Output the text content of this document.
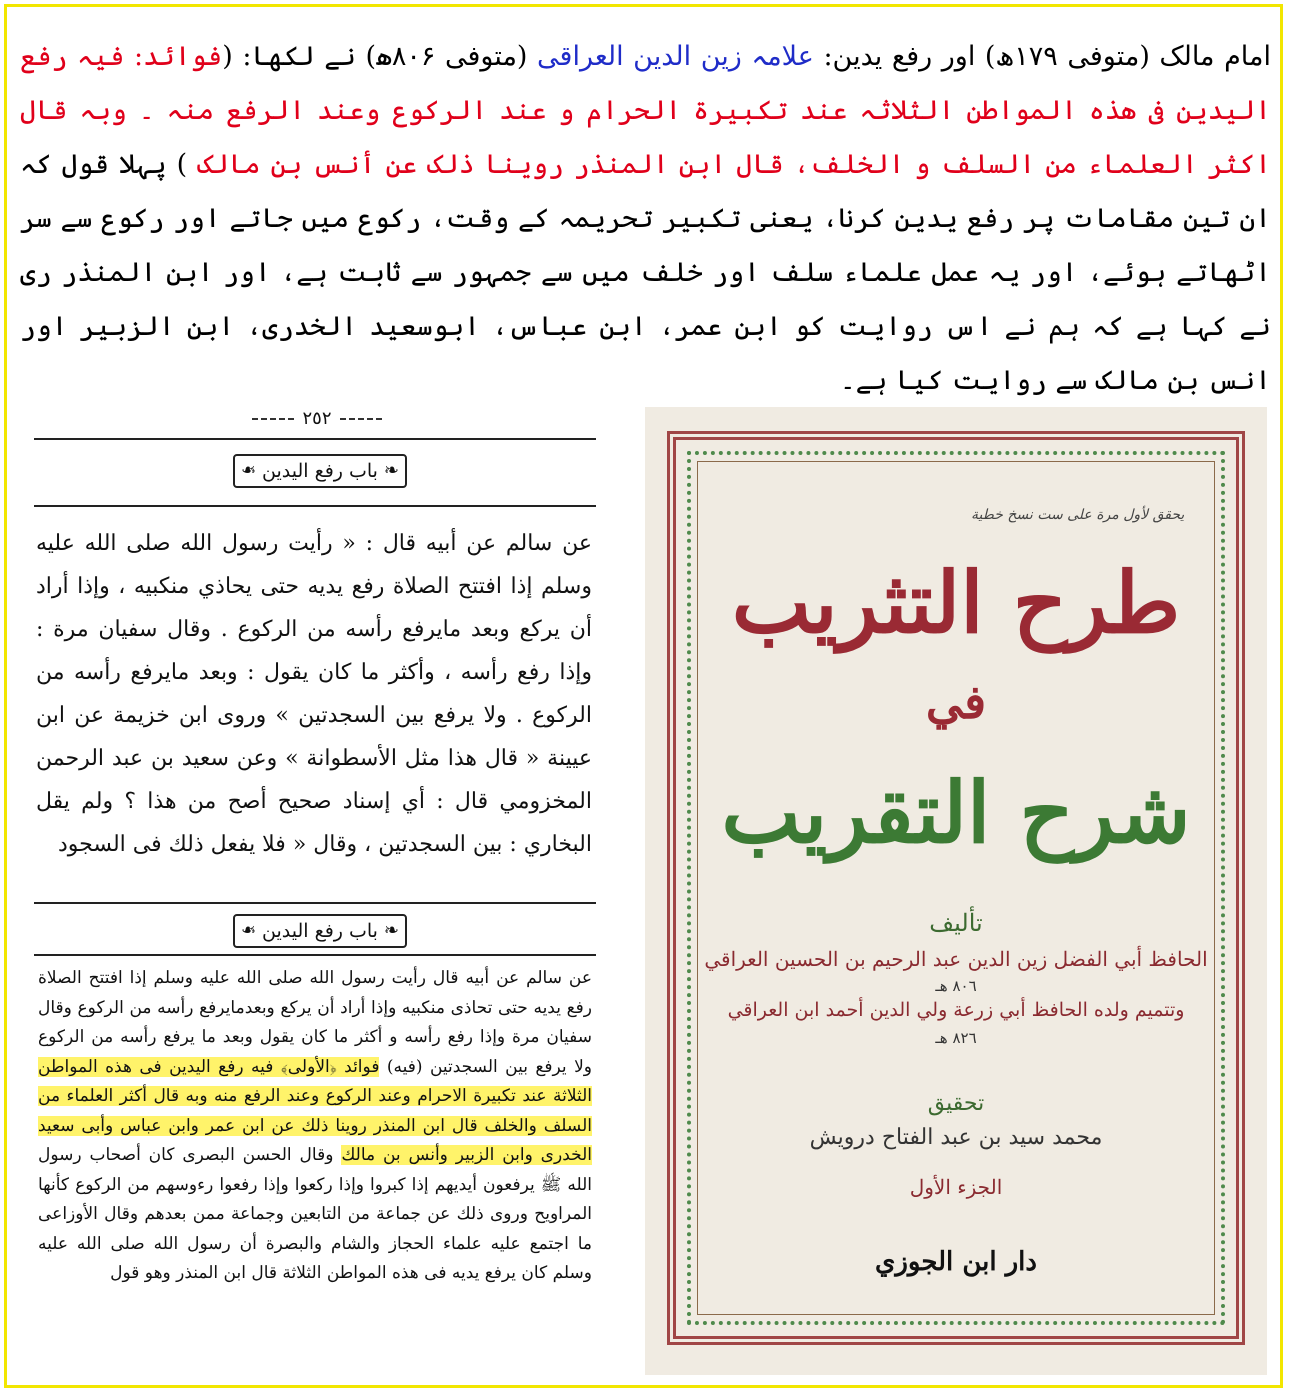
امام مالک (متوفی ۱۷۹ھ) اور رفع یدین: علامہ زین الدین العراقی (متوفی ۸۰۶ھ) نے لکھا: (فوائد: فیہ رفع الیدین فی ھذہ المواطن الثلاثہ عند تکبیرۃ الحرام و عند الرکوع وعند الرفع منہ ۔ وبہ قال اکثر العلماء من السلف و الخلف، قال ابن المنذر روینا ذلک عن أنس بن مالک ) پہلا قول کہ ان تین مقامات پر رفع یدین کرنا، یعنی تکبیر تحریمہ کے وقت، رکوع میں جاتے اور رکوع سے سر اٹھاتے ہوئے، اور یہ عمل علماء سلف اور خلف میں سے جمہور سے ثابت ہے، اور ابن المنذر ری نے کہا ہے کہ ہم نے اس روایت کو ابن عمر، ابن عباس، ابوسعید الخدری، ابن الزبیر اور انس بن مالک سے روایت کیا ہے۔
٢٥٢
❧ باب رفع اليدين ❧
عن سالم عن أبيه قال : « رأيت رسول الله صلى الله عليه وسلم إذا افتتح الصلاة رفع يديه حتى يحاذي منكبيه ، وإذا أراد أن يركع وبعد مايرفع رأسه من الركوع . وقال سفيان مرة : وإذا رفع رأسه ، وأكثر ما كان يقول : وبعد مايرفع رأسه من الركوع . ولا يرفع بين السجدتين » وروى ابن خزيمة عن ابن عيينة « قال هذا مثل الأسطوانة » وعن سعيد بن عبد الرحمن المخزومي قال : أي إسناد صحيح أصح من هذا ؟ ولم يقل البخاري : بين السجدتين ، وقال « فلا يفعل ذلك فى السجود
❧ باب رفع اليدين ❧
عن سالم عن أبيه قال رأيت رسول الله صلى الله عليه وسلم إذا افتتح الصلاة رفع يديه حتى تحاذى منكبيه وإذا أراد أن يركع وبعدمايرفع رأسه من الركوع وقال سفيان مرة وإذا رفع رأسه و أكثر ما كان يقول وبعد ما يرفع رأسه من الركوع ولا يرفع بين السجدتين (فيه) فوائد ﴿الأولى﴾ فيه رفع اليدين فى هذه المواطن الثلاثة عند تكبيرة الاحرام وعند الركوع وعند الرفع منه وبه قال أكثر العلماء من السلف والخلف قال ابن المنذر روينا ذلك عن ابن عمر وابن عباس وأبى سعيد الخدرى وابن الزبير وأنس بن مالك وقال الحسن البصرى كان أصحاب رسول الله ﷺ يرفعون أيديهم إذا كبروا وإذا ركعوا وإذا رفعوا رءوسهم من الركوع كأنها المراويح وروى ذلك عن جماعة من التابعين وجماعة ممن بعدهم وقال الأوزاعى ما اجتمع عليه علماء الحجاز والشام والبصرة أن رسول الله صلى الله عليه وسلم كان يرفع يديه فى هذه المواطن الثلاثة قال ابن المنذر وهو قول
يحقق لأول مرة على ست نسخ خطية
طرح التثريب
في
شرح التقريب
تأليف
الحافظ أبي الفضل زين الدين عبد الرحيم بن الحسين العراقي
٨٠٦ هـ
وتتميم ولده الحافظ أبي زرعة ولي الدين أحمد ابن العراقي
٨٢٦ هـ
تحقيق
محمد سيد بن عبد الفتاح درويش
الجزء الأول
دار ابن الجوزي
